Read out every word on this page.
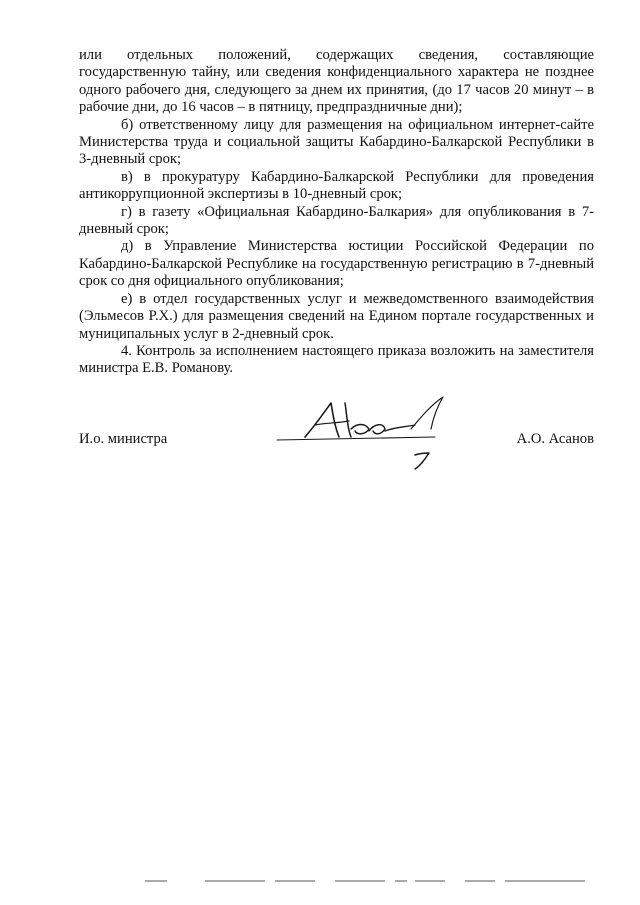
или отдельных положений, содержащих сведения, составляющие государственную тайну, или сведения конфиденциального характера не позднее одного рабочего дня, следующего за днем их принятия, (до 17 часов 20 минут – в рабочие дни, до 16 часов – в пятницу, предпраздничные дни);

б) ответственному лицу для размещения на официальном интернет-сайте Министерства труда и социальной защиты Кабардино-Балкарской Республики в 3-дневный срок;

в) в прокуратуру Кабардино-Балкарской Республики для проведения антикоррупционной экспертизы в 10-дневный срок;

г) в газету «Официальная Кабардино-Балкария» для опубликования в 7-дневный срок;

д) в Управление Министерства юстиции Российской Федерации по Кабардино-Балкарской Республике на государственную регистрацию в 7-дневный срок со дня официального опубликования;

е) в отдел государственных услуг и межведомственного взаимодействия (Эльмесов Р.Х.) для размещения сведений на Едином портале государственных и муниципальных услуг в 2-дневный срок.

4. Контроль за исполнением настоящего приказа возложить на заместителя министра Е.В. Романову.

И.о. министра	А.О. Асанов
